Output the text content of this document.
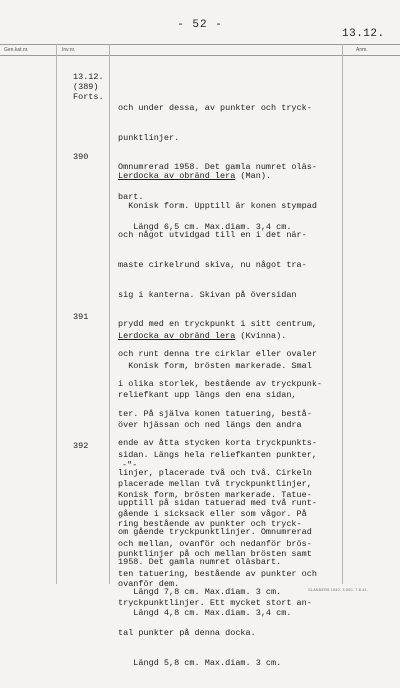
- 52 -
13.12.
Gen.kat.nr.	Inv.nr.	Anm.
13.12.
(389)
Forts.

och under dessa, av punkter och tryck-

punktlinjer.

Omnumrerad 1958. Det gamla numret oläs-

bart.

Längd 6,5 cm. Max.diam. 3,4 cm.

390

Lerdocka av obränd lera (Man).

Konisk form. Upptill är konen stympad

och något utvidgad till en i det när-

maste cirkelrund skiva, nu något tra-

sig i kanterna. Skivan på översidan

prydd med en tryckpunkt i sitt centrum,

och runt denna tre cirklar eller ovaler

i olika storlek, bestående av tryckpunk-

ter. På själva konen tatuering, bestå-

ende av åtta stycken korta tryckpunkts-

linjer, placerade två och två. Cirkeln

upptill på sidan tatuerad med två runt-

om gående tryckpunktlinjer. Omnumrerad

1958. Det gamla numret oläsbart.

Längd 7,8 cm. Max.diam. 3 cm.

391

Lerdocka av obränd lera (Kvinna).

Konisk form, brösten markerade. Smal

reliefkant upp längs den ena sidan,

över hjässan och ned längs den andra

sidan. Längs hela reliefkanten punkter,

placerade mellan två tryckpunktlinjer,

gående i sicksack eller som vågor. På

och mellan, ovanför och nedanför brös-

ten tatuering, bestående av punkter och

tryckpunktlinjer. Ett mycket stort an-

tal punkter på denna docka.

Längd 5,8 cm. Max.diam. 3 cm.

392

-"-

Konisk form, brösten markerade. Tatue-

ring bestående av punkter och tryck-

punktlinjer på och mellan brösten samt

ovanför dem.

Längd 4,8 cm. Max.diam. 3,4 cm.

GLANDERS 1940. 3.000. 7.8.41.
